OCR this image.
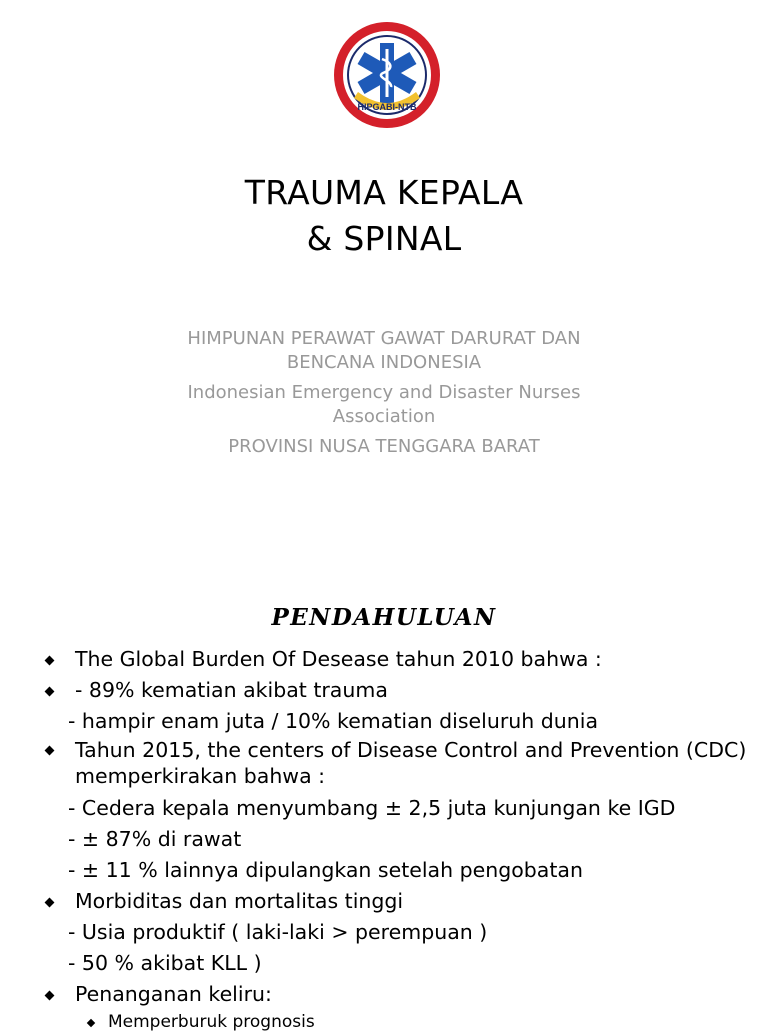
HIPGABI-NTB
TRAUMA KEPALA
& SPINAL
HIMPUNAN PERAWAT GAWAT DARURAT DAN
BENCANA INDONESIA
Indonesian Emergency and Disaster Nurses
Association
PROVINSI NUSA TENGGARA BARAT
PENDAHULUAN
The Global Burden Of Desease tahun 2010 bahwa :
- 89% kematian akibat trauma
- hampir enam juta / 10% kematian diseluruh dunia
Tahun 2015, the centers of Disease Control and Prevention (CDC) memperkirakan bahwa :
- Cedera kepala menyumbang ± 2,5 juta kunjungan ke IGD
- ± 87% di rawat
- ± 11 % lainnya dipulangkan setelah pengobatan
Morbiditas dan mortalitas tinggi
- Usia produktif ( laki-laki > perempuan )
- 50 % akibat KLL )
Penanganan keliru:
Memperburuk prognosis
